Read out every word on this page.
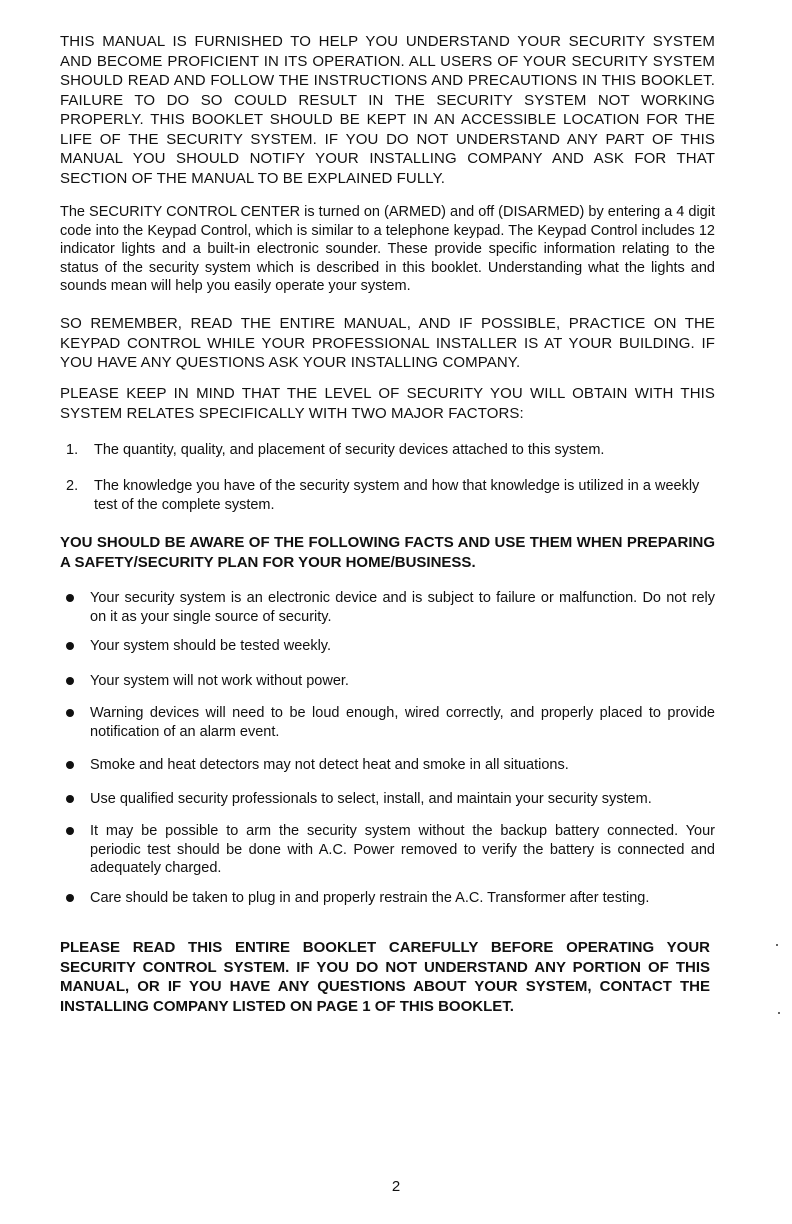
THIS MANUAL IS FURNISHED TO HELP YOU UNDERSTAND YOUR SECURITY SYSTEM AND BECOME PROFICIENT IN ITS OPERATION. ALL USERS OF YOUR SECURITY SYSTEM SHOULD READ AND FOLLOW THE INSTRUCTIONS AND PRECAUTIONS IN THIS BOOKLET. FAILURE TO DO SO COULD RESULT IN THE SECURITY SYSTEM NOT WORKING PROPERLY. THIS BOOKLET SHOULD BE KEPT IN AN ACCESSIBLE LOCATION FOR THE LIFE OF THE SECURITY SYSTEM. IF YOU DO NOT UNDERSTAND ANY PART OF THIS MANUAL YOU SHOULD NOTIFY YOUR INSTALLING COMPANY AND ASK FOR THAT SECTION OF THE MANUAL TO BE EXPLAINED FULLY.

The SECURITY CONTROL CENTER is turned on (ARMED) and off (DISARMED) by entering a 4 digit code into the Keypad Control, which is similar to a telephone keypad. The Keypad Control includes 12 indicator lights and a built-in electronic sounder. These provide specific information relating to the status of the security system which is described in this booklet. Understanding what the lights and sounds mean will help you easily operate your system.

SO REMEMBER, READ THE ENTIRE MANUAL, AND IF POSSIBLE, PRACTICE ON THE KEYPAD CONTROL WHILE YOUR PROFESSIONAL INSTALLER IS AT YOUR BUILDING. IF YOU HAVE ANY QUESTIONS ASK YOUR INSTALLING COMPANY.

PLEASE KEEP IN MIND THAT THE LEVEL OF SECURITY YOU WILL OBTAIN WITH THIS SYSTEM RELATES SPECIFICALLY WITH TWO MAJOR FACTORS:

1. The quantity, quality, and placement of security devices attached to this system.
2. The knowledge you have of the security system and how that knowledge is utilized in a weekly test of the complete system.

YOU SHOULD BE AWARE OF THE FOLLOWING FACTS AND USE THEM WHEN PREPARING A SAFETY/SECURITY PLAN FOR YOUR HOME/BUSINESS.

Your security system is an electronic device and is subject to failure or malfunction. Do not rely on it as your single source of security.
Your system should be tested weekly.
Your system will not work without power.
Warning devices will need to be loud enough, wired correctly, and properly placed to provide notification of an alarm event.
Smoke and heat detectors may not detect heat and smoke in all situations.
Use qualified security professionals to select, install, and maintain your security system.
It may be possible to arm the security system without the backup battery connected. Your periodic test should be done with A.C. Power removed to verify the battery is connected and adequately charged.
Care should be taken to plug in and properly restrain the A.C. Transformer after testing.

PLEASE READ THIS ENTIRE BOOKLET CAREFULLY BEFORE OPERATING YOUR SECURITY CONTROL SYSTEM. IF YOU DO NOT UNDERSTAND ANY PORTION OF THIS MANUAL, OR IF YOU HAVE ANY QUESTIONS ABOUT YOUR SYSTEM, CONTACT THE INSTALLING COMPANY LISTED ON PAGE 1 OF THIS BOOKLET.

2
